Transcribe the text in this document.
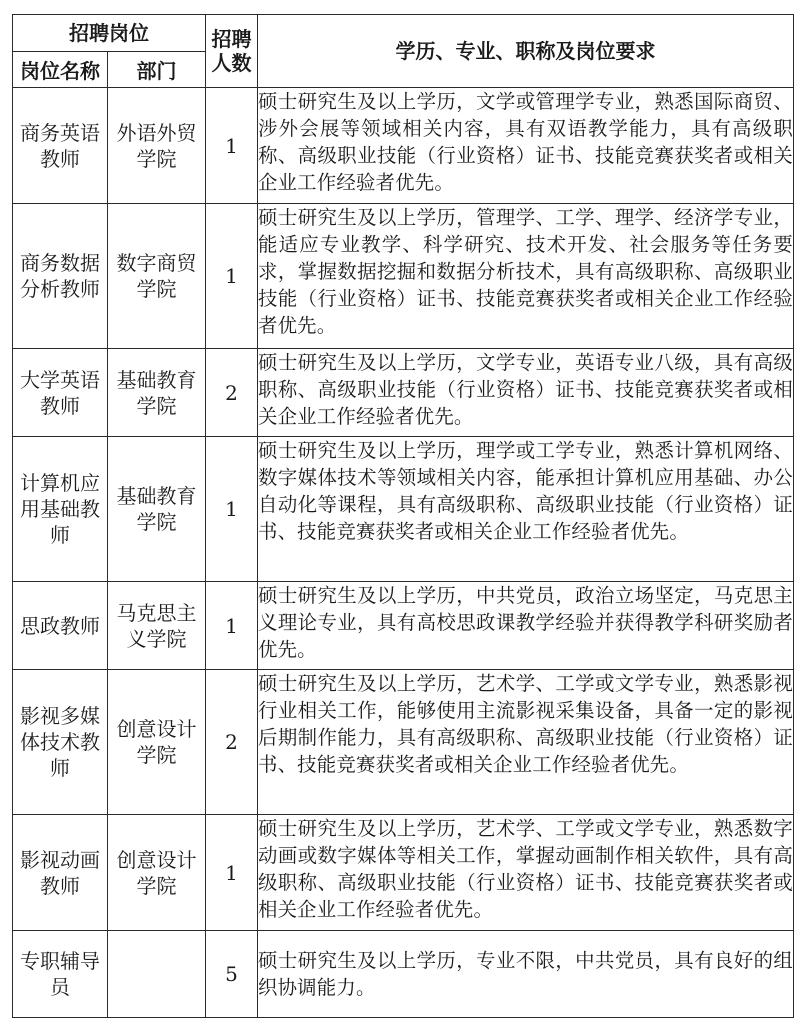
招聘岗位		招聘人数	学历、专业、职称及岗位要求
岗位名称	部门		
商务英语教师	外语外贸学院	1	硕士研究生及以上学历，文学或管理学专业，熟悉国际商贸、涉外会展等领域相关内容，具有双语教学能力，具有高级职称、高级职业技能（行业资格）证书、技能竞赛获奖者或相关企业工作经验者优先。
商务数据分析教师	数字商贸学院	1	硕士研究生及以上学历，管理学、工学、理学、经济学专业，能适应专业教学、科学研究、技术开发、社会服务等任务要求，掌握数据挖掘和数据分析技术，具有高级职称、高级职业技能（行业资格）证书、技能竞赛获奖者或相关企业工作经验者优先。
大学英语教师	基础教育学院	2	硕士研究生及以上学历，文学专业，英语专业八级，具有高级职称、高级职业技能（行业资格）证书、技能竞赛获奖者或相关企业工作经验者优先。
计算机应用基础教师	基础教育学院	1	硕士研究生及以上学历，理学或工学专业，熟悉计算机网络、数字媒体技术等领域相关内容，能承担计算机应用基础、办公自动化等课程，具有高级职称、高级职业技能（行业资格）证书、技能竞赛获奖者或相关企业工作经验者优先。
思政教师	马克思主义学院	1	硕士研究生及以上学历，中共党员，政治立场坚定，马克思主义理论专业，具有高校思政课教学经验并获得教学科研奖励者优先。
影视多媒体技术教师	创意设计学院	2	硕士研究生及以上学历，艺术学、工学或文学专业，熟悉影视行业相关工作，能够使用主流影视采集设备，具备一定的影视后期制作能力，具有高级职称、高级职业技能（行业资格）证书、技能竞赛获奖者或相关企业工作经验者优先。
影视动画教师	创意设计学院	1	硕士研究生及以上学历，艺术学、工学或文学专业，熟悉数字动画或数字媒体等相关工作，掌握动画制作相关软件，具有高级职称、高级职业技能（行业资格）证书、技能竞赛获奖者或相关企业工作经验者优先。
专职辅导员		5	硕士研究生及以上学历，专业不限，中共党员，具有良好的组织协调能力。
